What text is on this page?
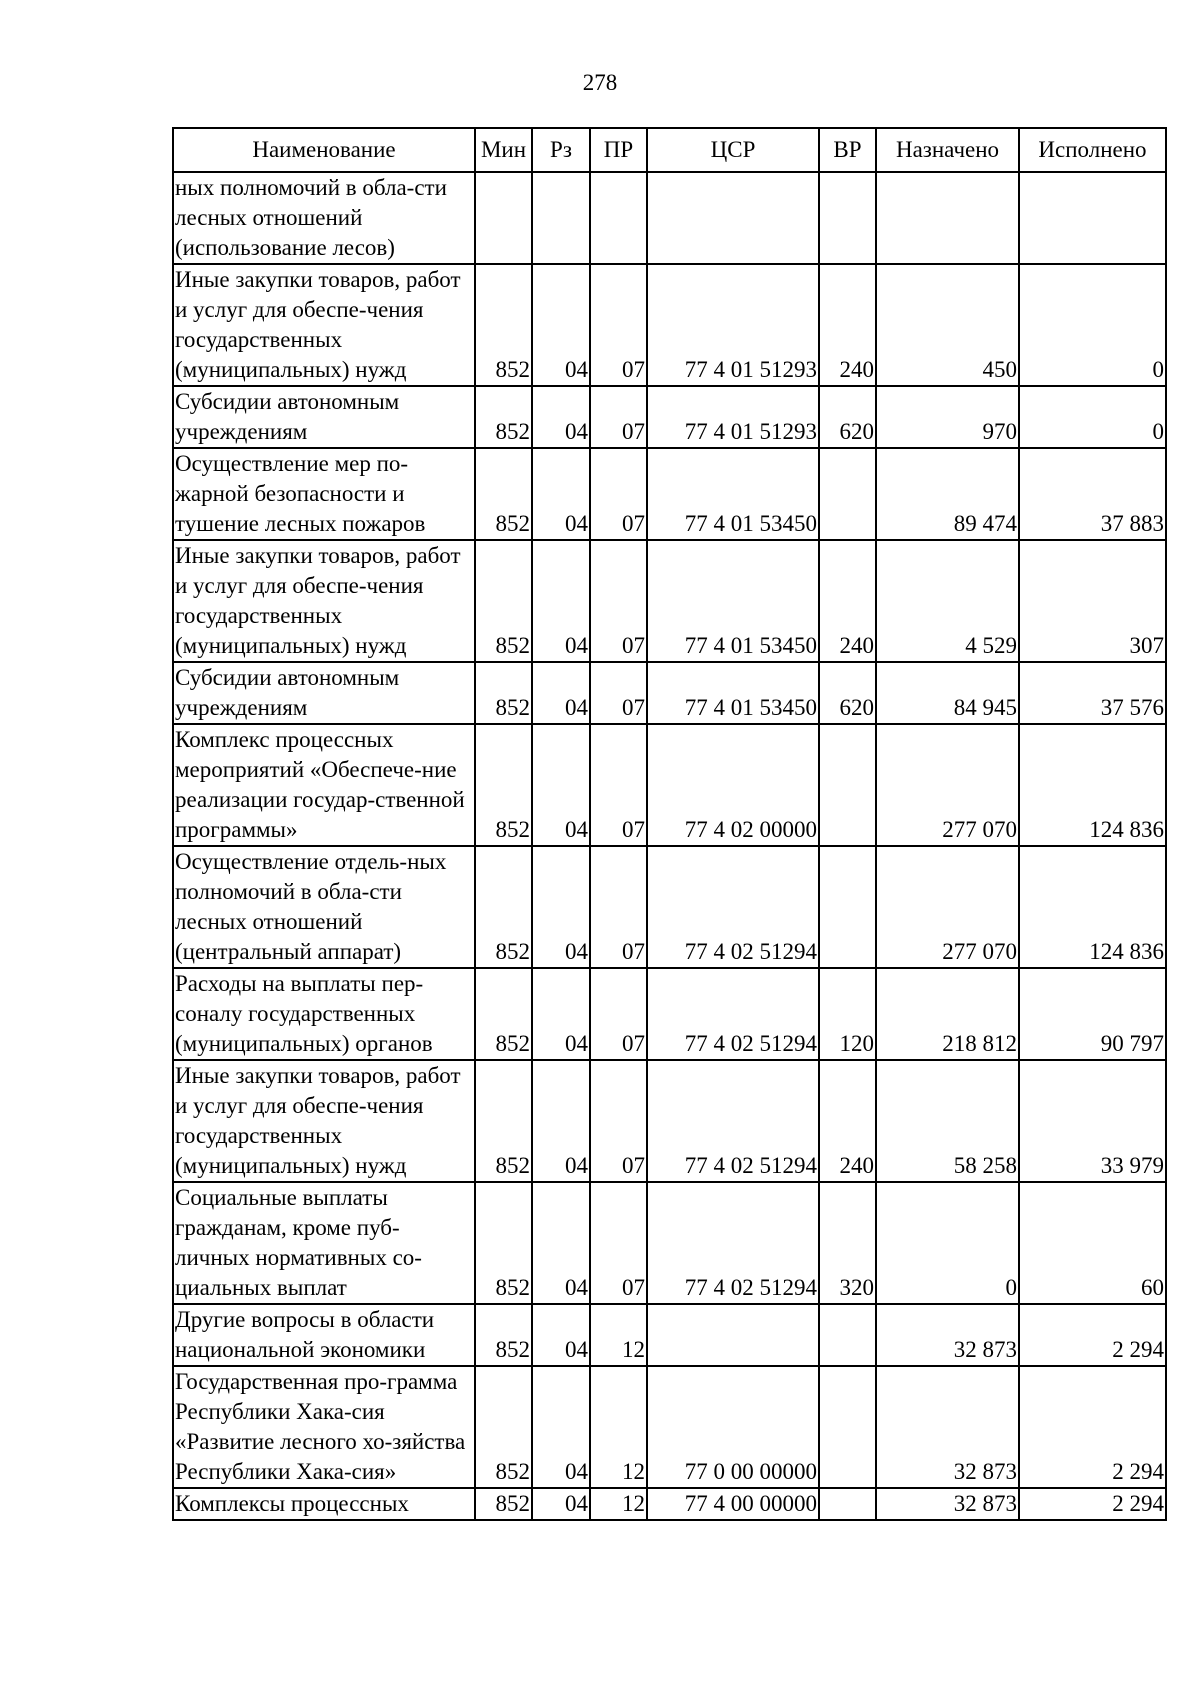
278
Наименование	Мин	Рз	ПР	ЦСР	ВР	Назначено	Исполнено
ных полномочий в обла-сти лесных отношений (использование лесов)							
Иные закупки товаров, работ и услуг для обеспе-чения государственных (муниципальных) нужд	852	04	07	77 4 01 51293	240	450	0
Субсидии автономным учреждениям	852	04	07	77 4 01 51293	620	970	0
Осуществление мер по-жарной безопасности и тушение лесных пожаров	852	04	07	77 4 01 53450		89 474	37 883
Иные закупки товаров, работ и услуг для обеспе-чения государственных (муниципальных) нужд	852	04	07	77 4 01 53450	240	4 529	307
Субсидии автономным учреждениям	852	04	07	77 4 01 53450	620	84 945	37 576
Комплекс процессных мероприятий «Обеспече-ние реализации государ-ственной программы»	852	04	07	77 4 02 00000		277 070	124 836
Осуществление отдель-ных полномочий в обла-сти лесных отношений (центральный аппарат)	852	04	07	77 4 02 51294		277 070	124 836
Расходы на выплаты пер-соналу государственных (муниципальных) органов	852	04	07	77 4 02 51294	120	218 812	90 797
Иные закупки товаров, работ и услуг для обеспе-чения государственных (муниципальных) нужд	852	04	07	77 4 02 51294	240	58 258	33 979
Социальные выплаты гражданам, кроме пуб-личных нормативных со-циальных выплат	852	04	07	77 4 02 51294	320	0	60
Другие вопросы в области национальной экономики	852	04	12			32 873	2 294
Государственная про-грамма Республики Хака-сия «Развитие лесного хо-зяйства Республики Хака-сия»	852	04	12	77 0 00 00000		32 873	2 294
Комплексы процессных	852	04	12	77 4 00 00000		32 873	2 294
